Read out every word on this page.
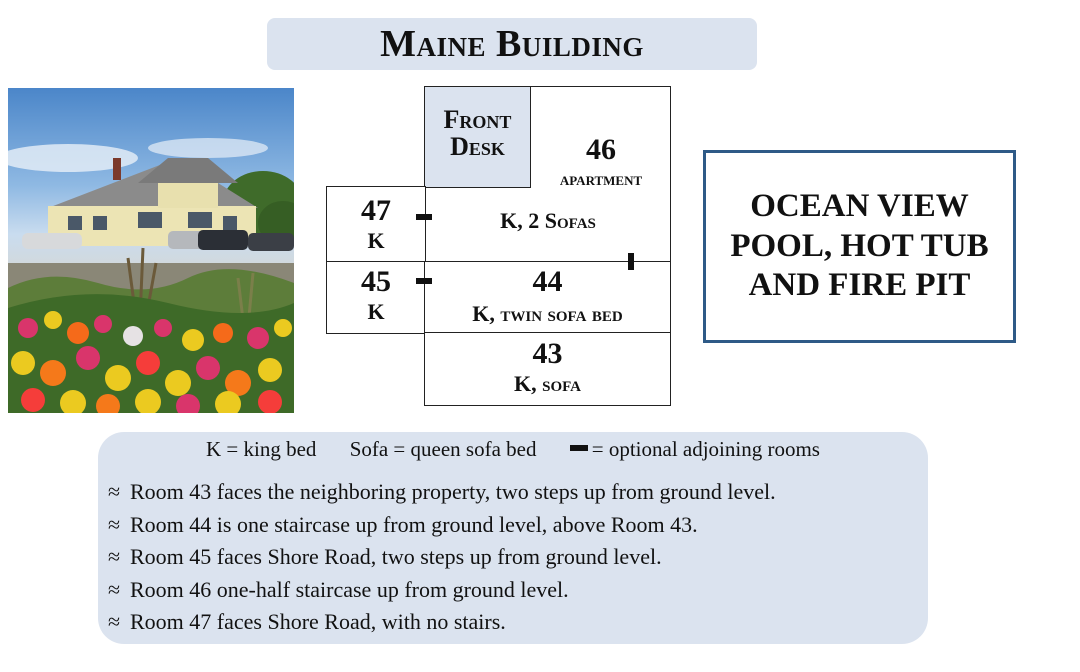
Maine Building
Front
Desk	46
apartment
K, 2 Sofas
47
K
45
K
44
K, twin sofa bed
43
K, sofa
OCEAN VIEW
POOL, HOT TUB
AND FIRE PIT
K = king bed Sofa = queen sofa bed	= optional adjoining rooms
≈ Room 43 faces the neighboring property, two steps up from ground level.
≈ Room 44 is one staircase up from ground level, above Room 43.
≈ Room 45 faces Shore Road, two steps up from ground level.
≈ Room 46 one-half staircase up from ground level.
≈ Room 47 faces Shore Road, with no stairs.
